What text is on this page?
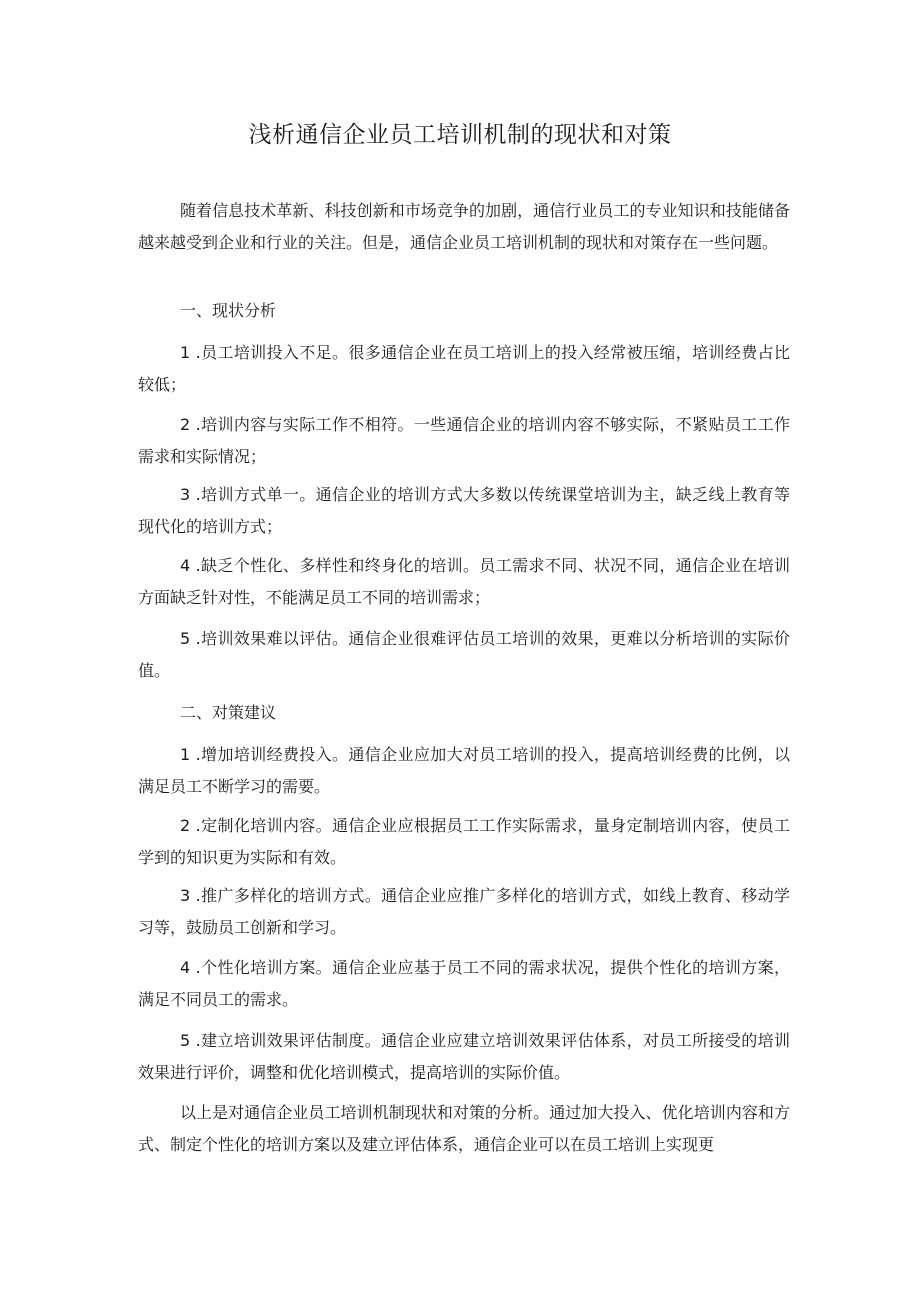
浅析通信企业员工培训机制的现状和对策

随着信息技术革新、科技创新和市场竞争的加剧，通信行业员工的专业知识和技能储备越来越受到企业和行业的关注。但是，通信企业员工培训机制的现状和对策存在一些问题。

一、现状分析

1 .员工培训投入不足。很多通信企业在员工培训上的投入经常被压缩，培训经费占比较低；

2 .培训内容与实际工作不相符。一些通信企业的培训内容不够实际，不紧贴员工工作需求和实际情况；

3 .培训方式单一。通信企业的培训方式大多数以传统课堂培训为主，缺乏线上教育等现代化的培训方式；

4 .缺乏个性化、多样性和终身化的培训。员工需求不同、状况不同，通信企业在培训方面缺乏针对性，不能满足员工不同的培训需求；

5 .培训效果难以评估。通信企业很难评估员工培训的效果，更难以分析培训的实际价值。

二、对策建议

1 .增加培训经费投入。通信企业应加大对员工培训的投入，提高培训经费的比例，以满足员工不断学习的需要。

2 .定制化培训内容。通信企业应根据员工工作实际需求，量身定制培训内容，使员工学到的知识更为实际和有效。

3 .推广多样化的培训方式。通信企业应推广多样化的培训方式，如线上教育、移动学习等，鼓励员工创新和学习。

4 .个性化培训方案。通信企业应基于员工不同的需求状况，提供个性化的培训方案，满足不同员工的需求。

5 .建立培训效果评估制度。通信企业应建立培训效果评估体系，对员工所接受的培训效果进行评价，调整和优化培训模式，提高培训的实际价值。

以上是对通信企业员工培训机制现状和对策的分析。通过加大投入、优化培训内容和方式、制定个性化的培训方案以及建立评估体系，通信企业可以在员工培训上实现更
